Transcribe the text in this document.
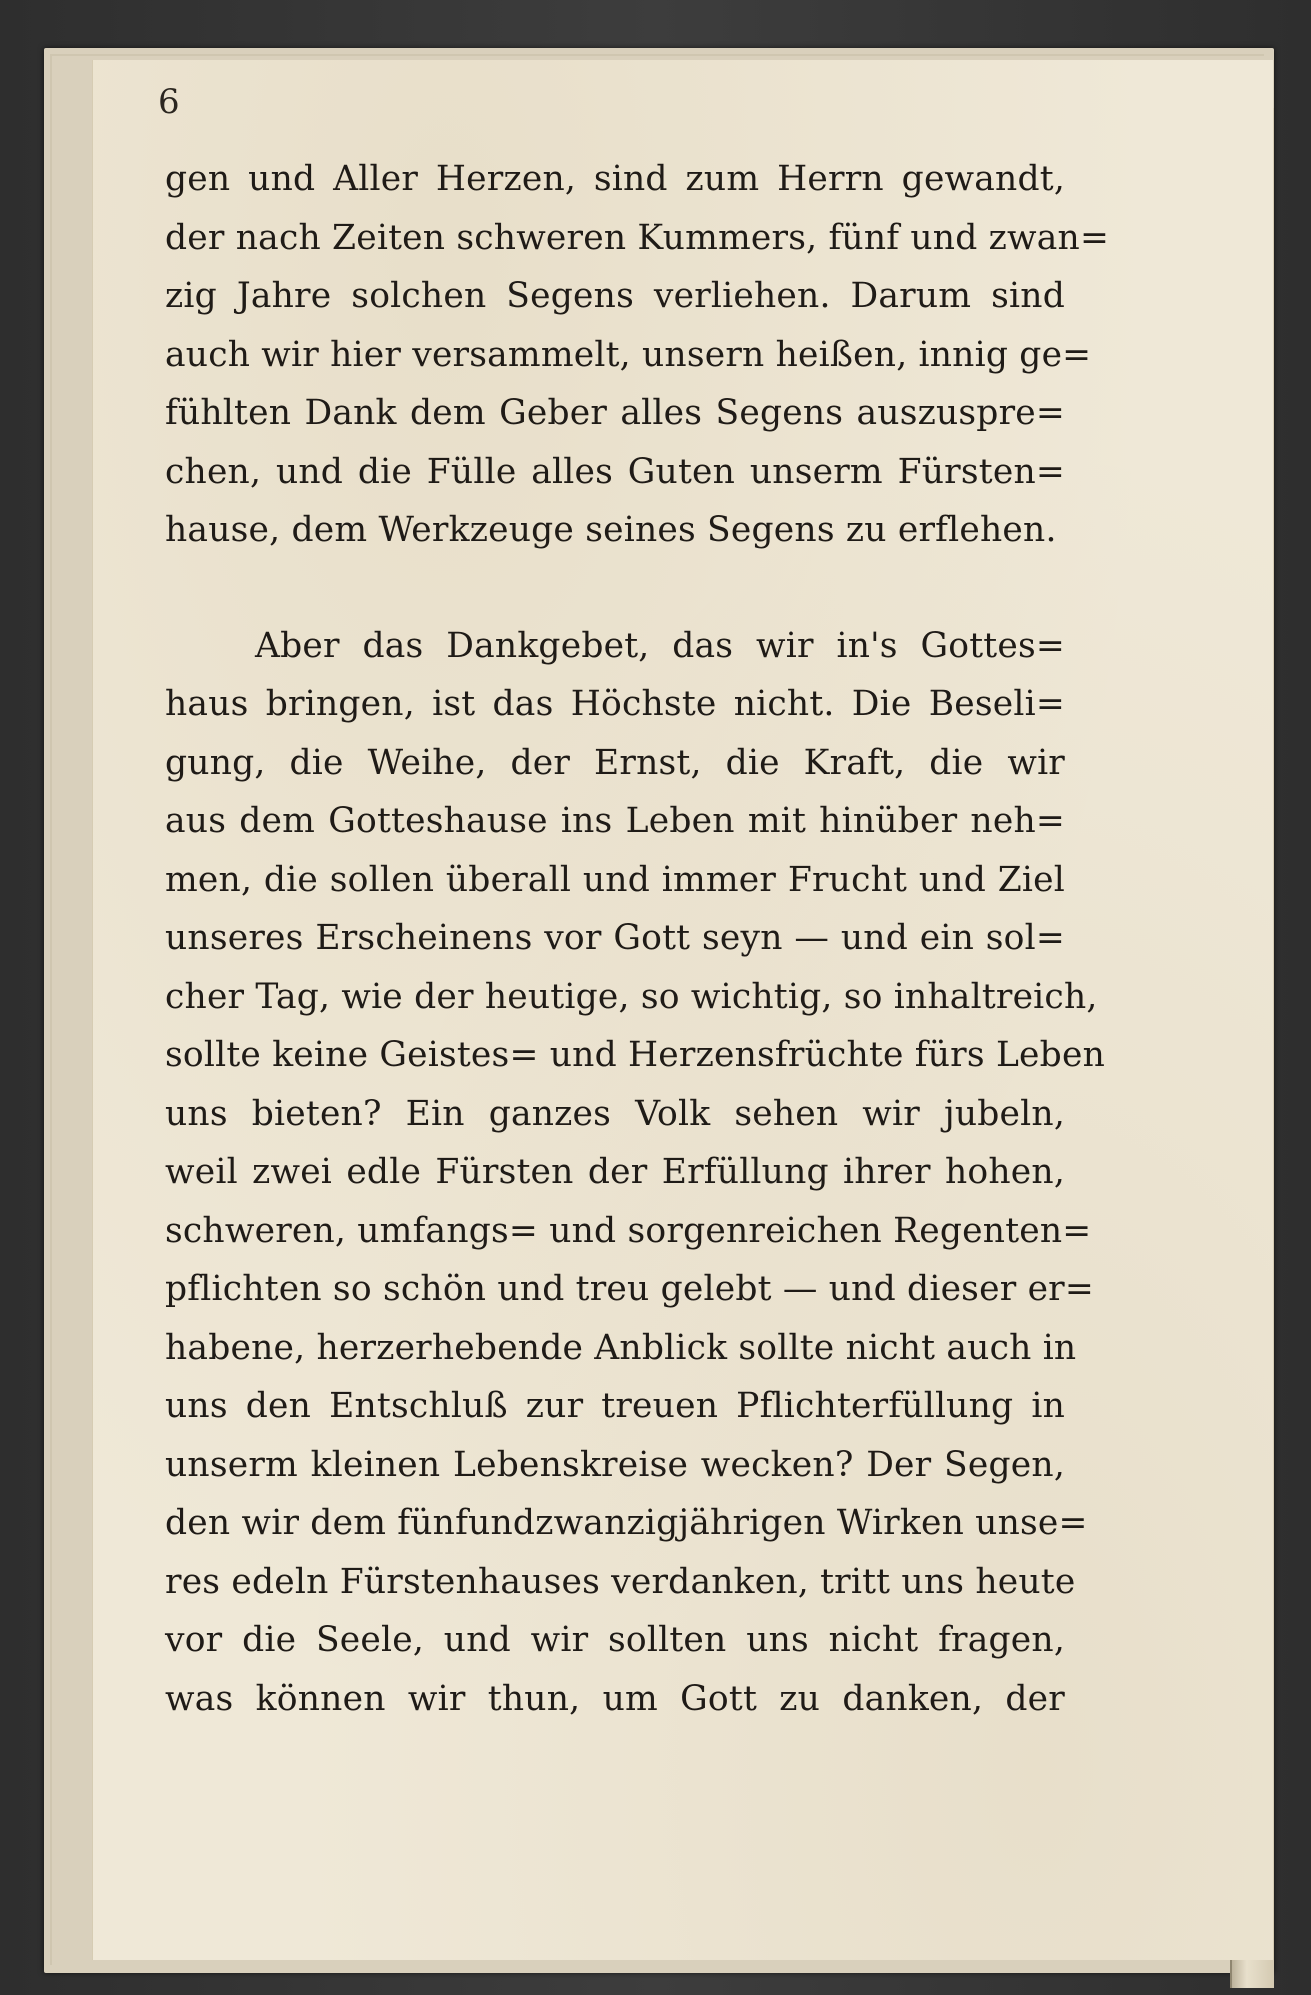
6
gen und Aller Herzen, sind zum Herrn gewandt,
der nach Zeiten schweren Kummers, fünf und zwan=
zig Jahre solchen Segens verliehen. Darum sind
auch wir hier versammelt, unsern heißen, innig ge=
fühlten Dank dem Geber alles Segens auszuspre=
chen, und die Fülle alles Guten unserm Fürsten=
hause, dem Werkzeuge seines Segens zu erflehen.
Aber das Dankgebet, das wir in's Gottes=
haus bringen, ist das Höchste nicht. Die Beseli=
gung, die Weihe, der Ernst, die Kraft, die wir
aus dem Gotteshause ins Leben mit hinüber neh=
men, die sollen überall und immer Frucht und Ziel
unseres Erscheinens vor Gott seyn — und ein sol=
cher Tag, wie der heutige, so wichtig, so inhaltreich,
sollte keine Geistes= und Herzensfrüchte fürs Leben
uns bieten? Ein ganzes Volk sehen wir jubeln,
weil zwei edle Fürsten der Erfüllung ihrer hohen,
schweren, umfangs= und sorgenreichen Regenten=
pflichten so schön und treu gelebt — und dieser er=
habene, herzerhebende Anblick sollte nicht auch in
uns den Entschluß zur treuen Pflichterfüllung in
unserm kleinen Lebenskreise wecken? Der Segen,
den wir dem fünfundzwanzigjährigen Wirken unse=
res edeln Fürstenhauses verdanken, tritt uns heute
vor die Seele, und wir sollten uns nicht fragen,
was können wir thun, um Gott zu danken, der
